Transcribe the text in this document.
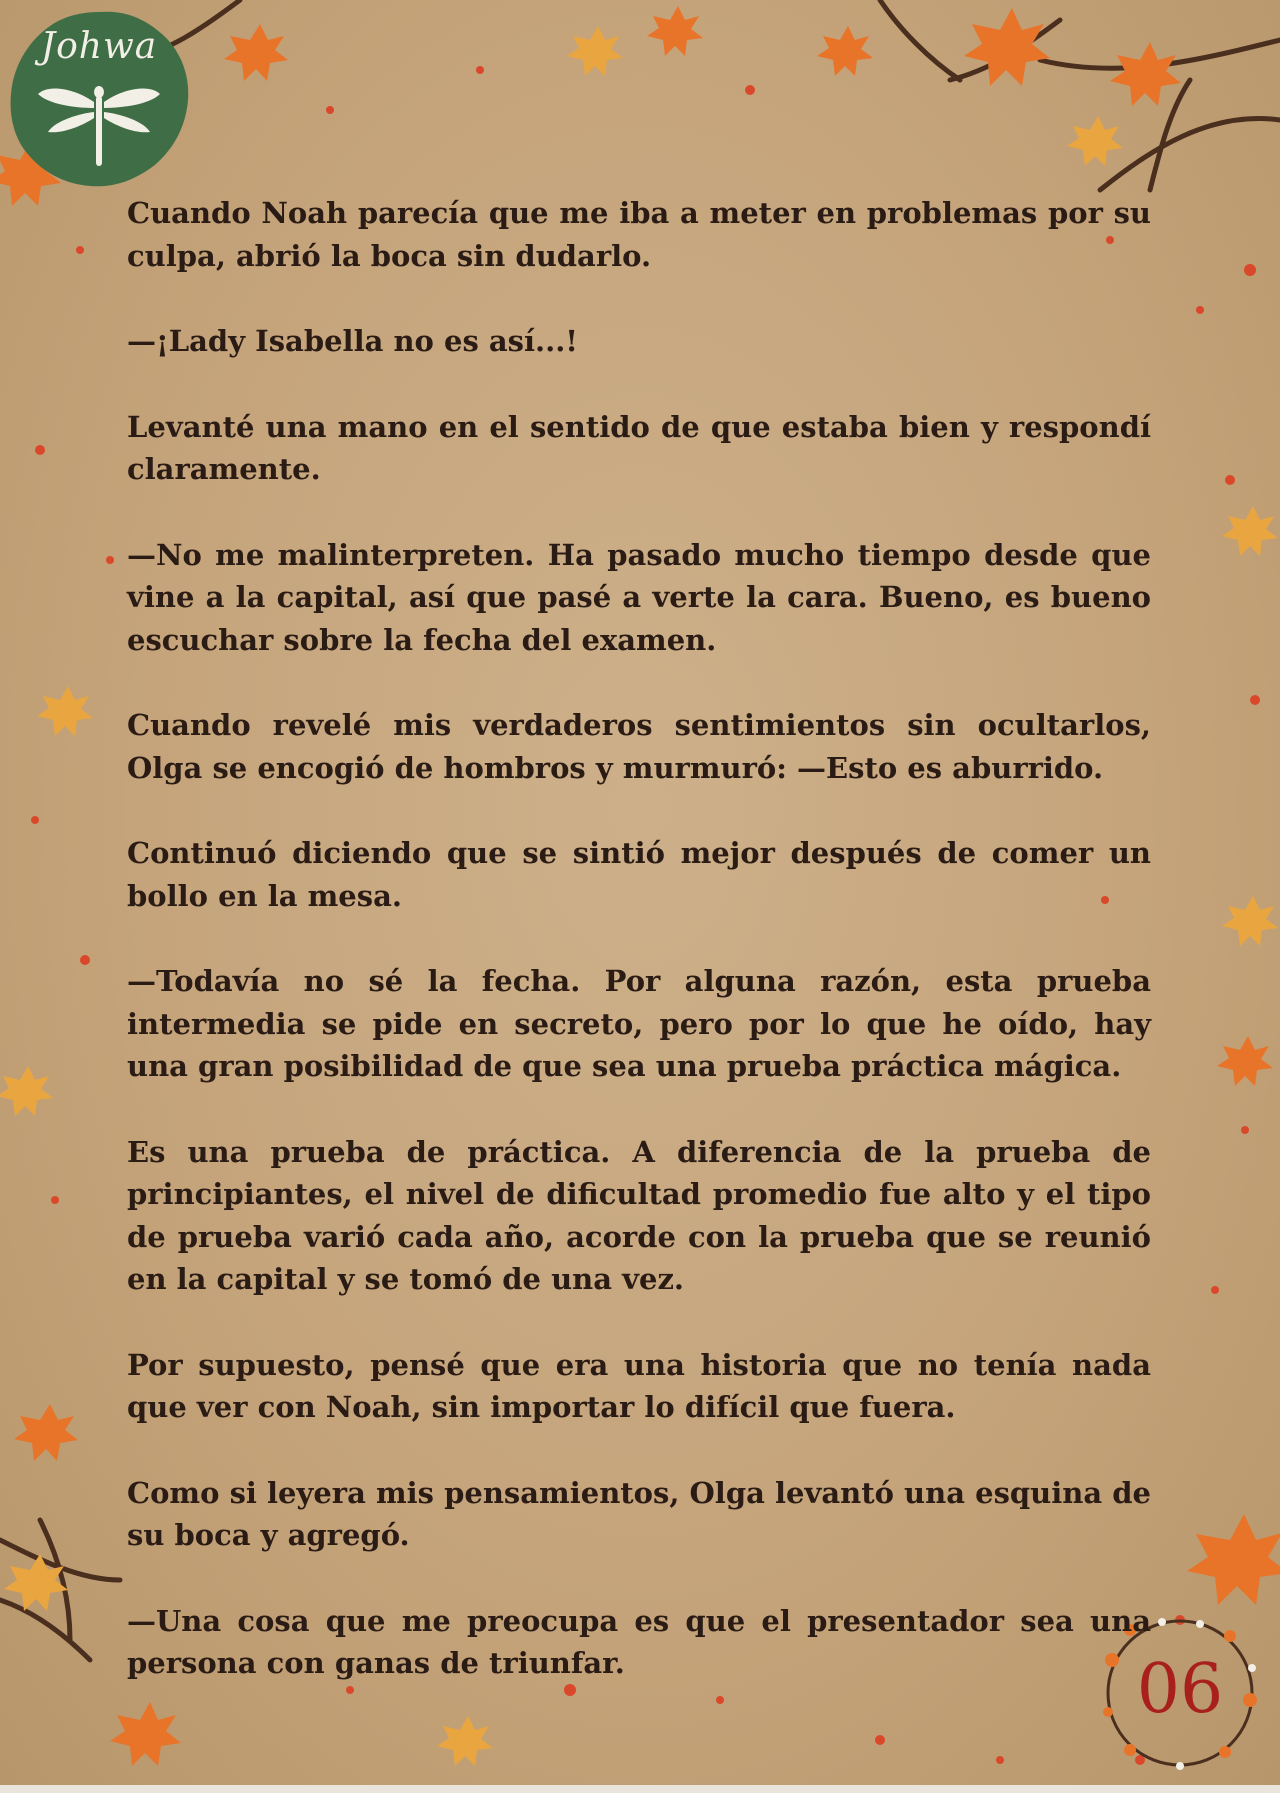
Johwa

Cuando Noah parecía que me iba a meter en problemas por su culpa, abrió la boca sin dudarlo.

—¡Lady Isabella no es así...!

Levanté una mano en el sentido de que estaba bien y respondí claramente.

—No me malinterpreten. Ha pasado mucho tiempo desde que vine a la capital, así que pasé a verte la cara. Bueno, es bueno escuchar sobre la fecha del examen.

Cuando revelé mis verdaderos sentimientos sin ocultarlos, Olga se encogió de hombros y murmuró: —Esto es aburrido.

Continuó diciendo que se sintió mejor después de comer un bollo en la mesa.

—Todavía no sé la fecha. Por alguna razón, esta prueba intermedia se pide en secreto, pero por lo que he oído, hay una gran posibilidad de que sea una prueba práctica mágica.

Es una prueba de práctica. A diferencia de la prueba de principiantes, el nivel de dificultad promedio fue alto y el tipo de prueba varió cada año, acorde con la prueba que se reunió en la capital y se tomó de una vez.

Por supuesto, pensé que era una historia que no tenía nada que ver con Noah, sin importar lo difícil que fuera.

Como si leyera mis pensamientos, Olga levantó una esquina de su boca y agregó.

—Una cosa que me preocupa es que el presentador sea una persona con ganas de triunfar.	06
